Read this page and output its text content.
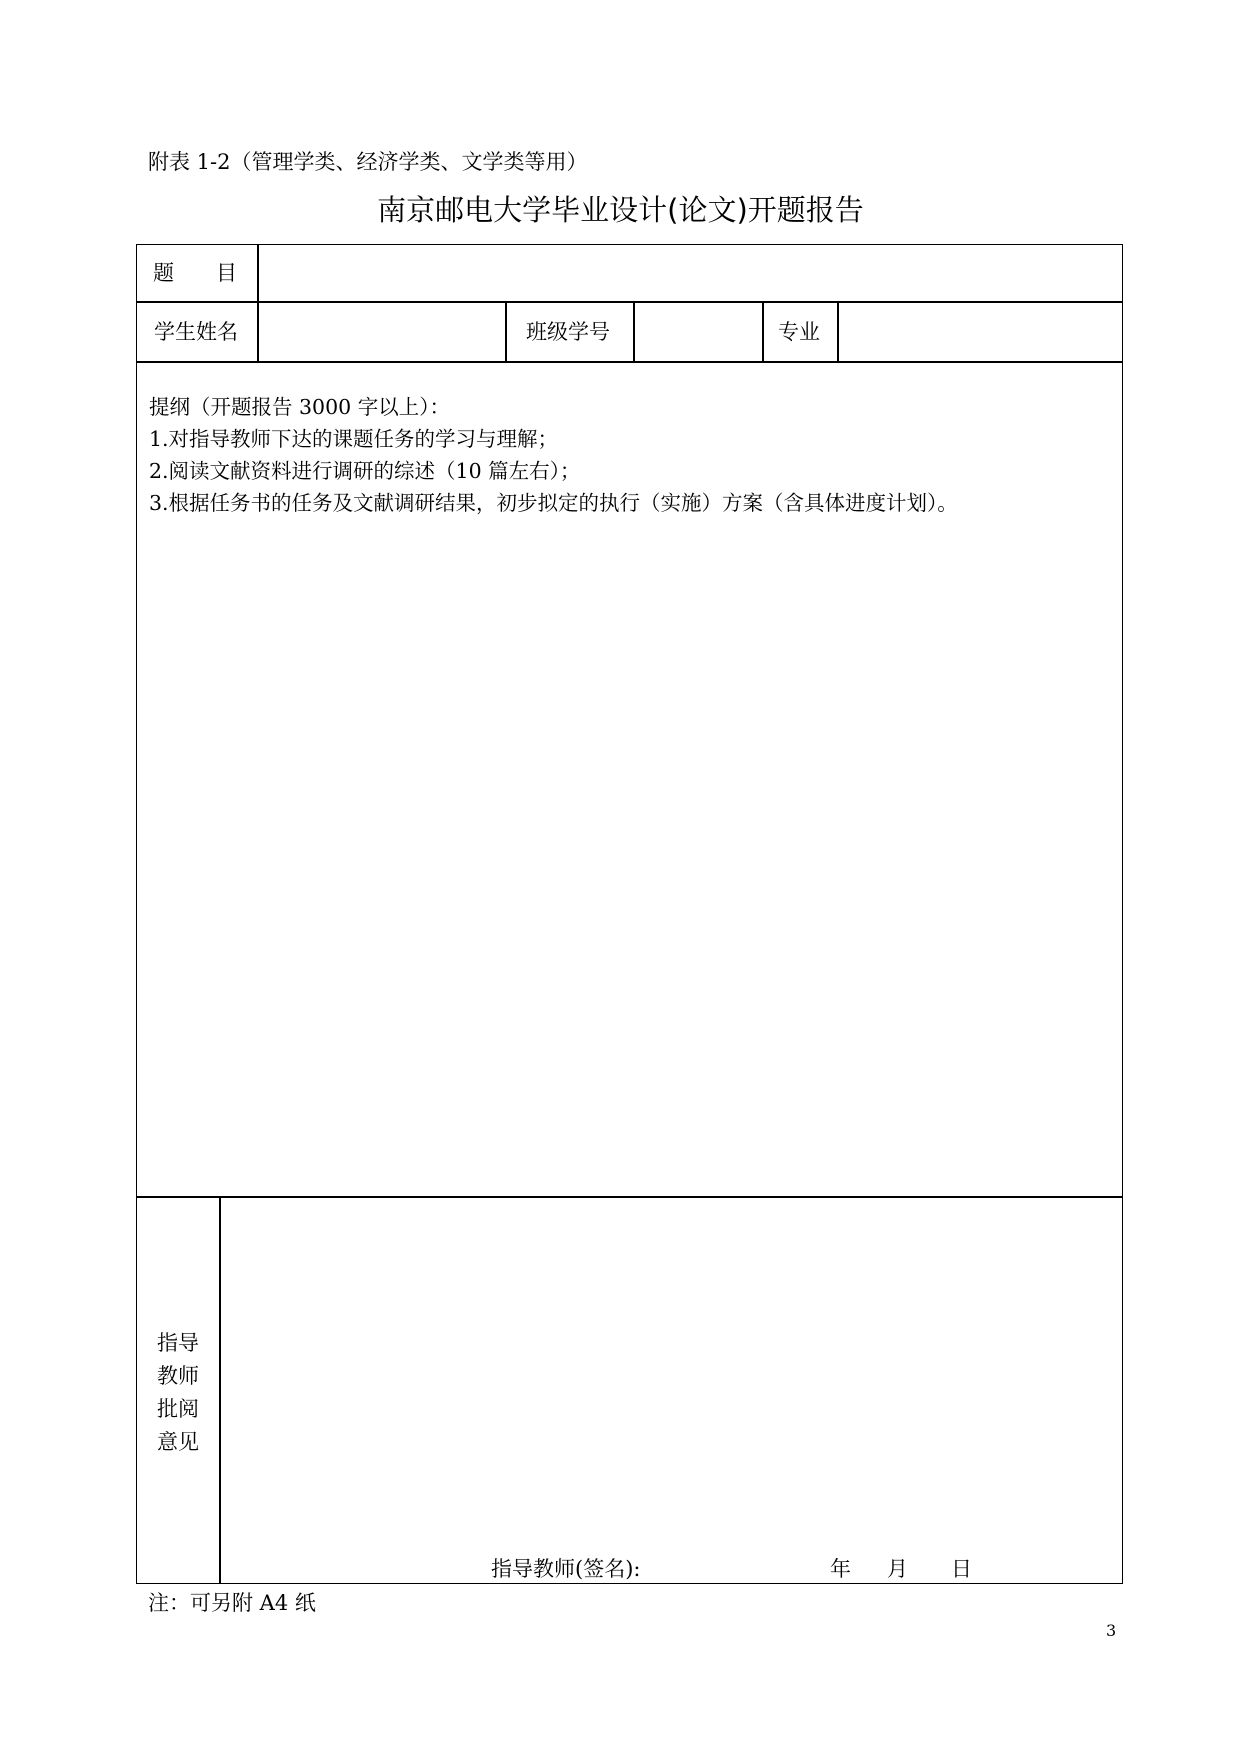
附表 1-2（管理学类、经济学类、文学类等用）
南京邮电大学毕业设计(论文)开题报告
题　　目
学生姓名	班级学号	专业
提纲（开题报告 3000 字以上）：
1.对指导教师下达的课题任务的学习与理解；
2.阅读文献资料进行调研的综述（10 篇左右）；
3.根据任务书的任务及文献调研结果，初步拟定的执行（实施）方案（含具体进度计划）。
指导
教师
批阅
意见
指导教师(签名):	年 月 日
注：可另附 A4 纸
3
